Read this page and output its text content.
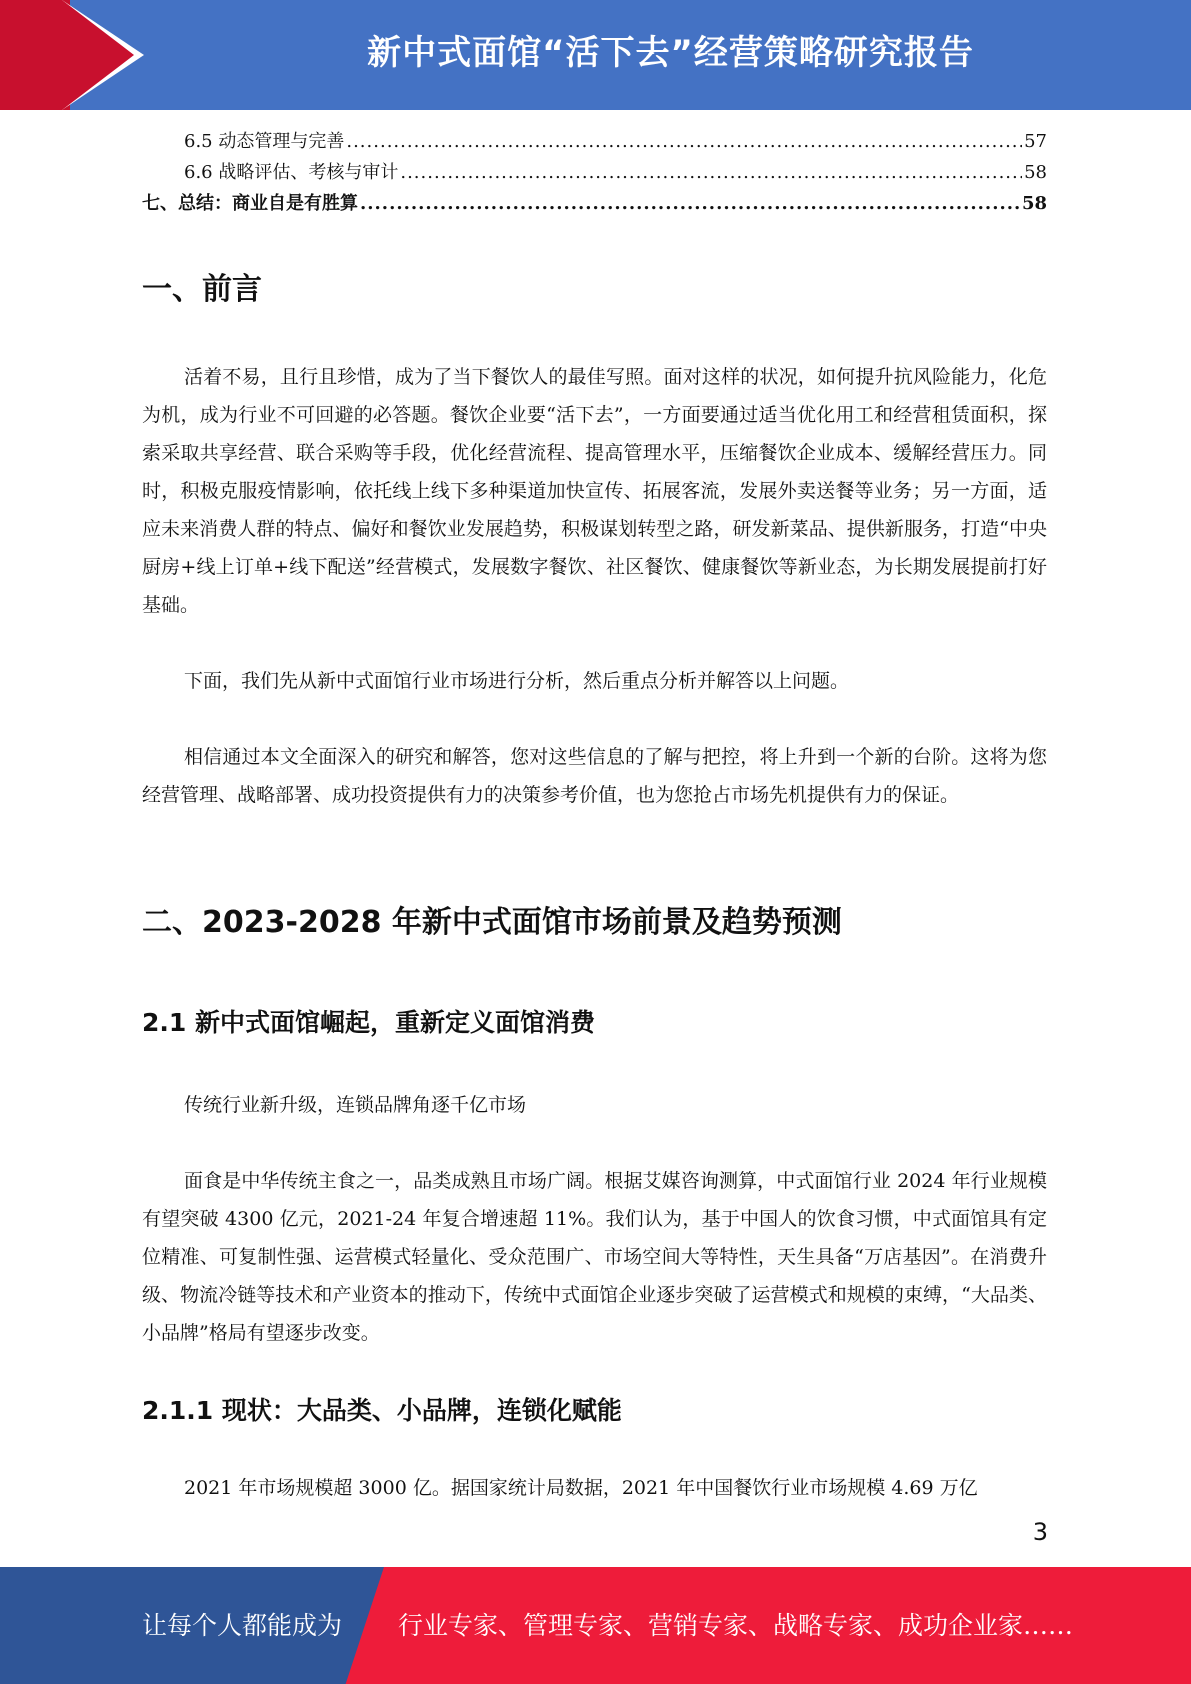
新中式面馆“活下去”经营策略研究报告
6.5 动态管理与完善 .....	57
6.6 战略评估、考核与审计 .....	58
七、总结：商业自是有胜算 .....	58
一、前言

活着不易，且行且珍惜，成为了当下餐饮人的最佳写照。面对这样的状况，如何提升抗风险能力，化危为机，成为行业不可回避的必答题。餐饮企业要“活下去”，一方面要通过适当优化用工和经营租赁面积，探索采取共享经营、联合采购等手段，优化经营流程、提高管理水平，压缩餐饮企业成本、缓解经营压力。同时，积极克服疫情影响，依托线上线下多种渠道加快宣传、拓展客流，发展外卖送餐等业务；另一方面，适应未来消费人群的特点、偏好和餐饮业发展趋势，积极谋划转型之路，研发新菜品、提供新服务，打造“中央厨房+线上订单+线下配送”经营模式，发展数字餐饮、社区餐饮、健康餐饮等新业态，为长期发展提前打好基础。

下面，我们先从新中式面馆行业市场进行分析，然后重点分析并解答以上问题。

相信通过本文全面深入的研究和解答，您对这些信息的了解与把控，将上升到一个新的台阶。这将为您经营管理、战略部署、成功投资提供有力的决策参考价值，也为您抢占市场先机提供有力的保证。

二、2023-2028 年新中式面馆市场前景及趋势预测
2.1 新中式面馆崛起，重新定义面馆消费

传统行业新升级，连锁品牌角逐千亿市场

面食是中华传统主食之一，品类成熟且市场广阔。根据艾媒咨询测算，中式面馆行业 2024 年行业规模有望突破 4300 亿元，2021-24 年复合增速超 11%。我们认为，基于中国人的饮食习惯，中式面馆具有定位精准、可复制性强、运营模式轻量化、受众范围广、市场空间大等特性，天生具备“万店基因”。在消费升级、物流冷链等技术和产业资本的推动下，传统中式面馆企业逐步突破了运营模式和规模的束缚，“大品类、小品牌”格局有望逐步改变。

2.1.1 现状：大品类、小品牌，连锁化赋能

2021 年市场规模超 3000 亿。据国家统计局数据，2021 年中国餐饮行业市场规模 4.69 万亿

3
让每个人都能成为 行业专家、管理专家、营销专家、战略专家、成功企业家……
